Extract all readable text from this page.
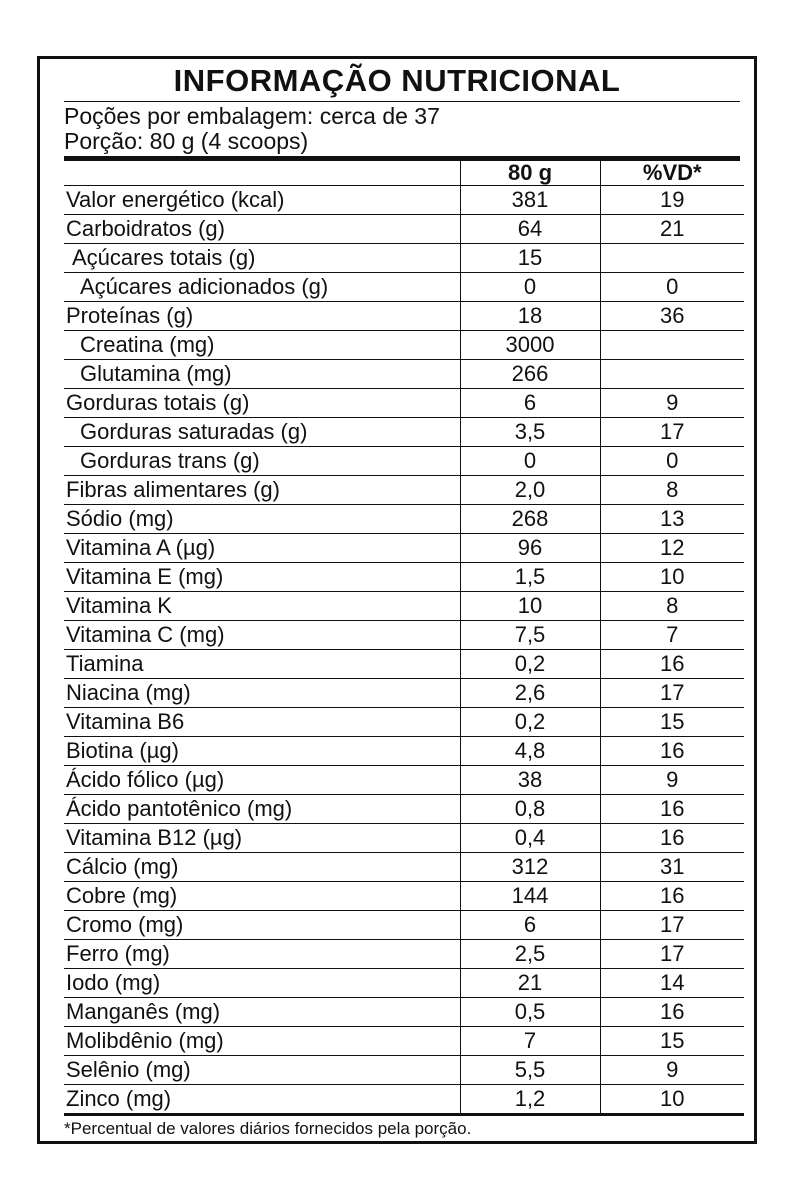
INFORMAÇÃO NUTRICIONAL
Poções por embalagem: cerca de 37
Porção: 80 g (4 scoops)
	80 g	%VD*
Valor energético (kcal)	381	19
Carboidratos (g)	64	21
Açúcares totais (g)	15	
Açúcares adicionados (g)	0	0
Proteínas (g)	18	36
Creatina (mg)	3000	
Glutamina (mg)	266	
Gorduras totais (g)	6	9
Gorduras saturadas (g)	3,5	17
Gorduras trans (g)	0	0
Fibras alimentares (g)	2,0	8
Sódio (mg)	268	13
Vitamina A (µg)	96	12
Vitamina E (mg)	1,5	10
Vitamina K	10	8
Vitamina C (mg)	7,5	7
Tiamina	0,2	16
Niacina (mg)	2,6	17
Vitamina B6	0,2	15
Biotina (µg)	4,8	16
Ácido fólico (µg)	38	9
Ácido pantotênico (mg)	0,8	16
Vitamina B12 (µg)	0,4	16
Cálcio (mg)	312	31
Cobre (mg)	144	16
Cromo (mg)	6	17
Ferro (mg)	2,5	17
Iodo (mg)	21	14
Manganês (mg)	0,5	16
Molibdênio (mg)	7	15
Selênio (mg)	5,5	9
Zinco (mg)	1,2	10
*Percentual de valores diários fornecidos pela porção.
